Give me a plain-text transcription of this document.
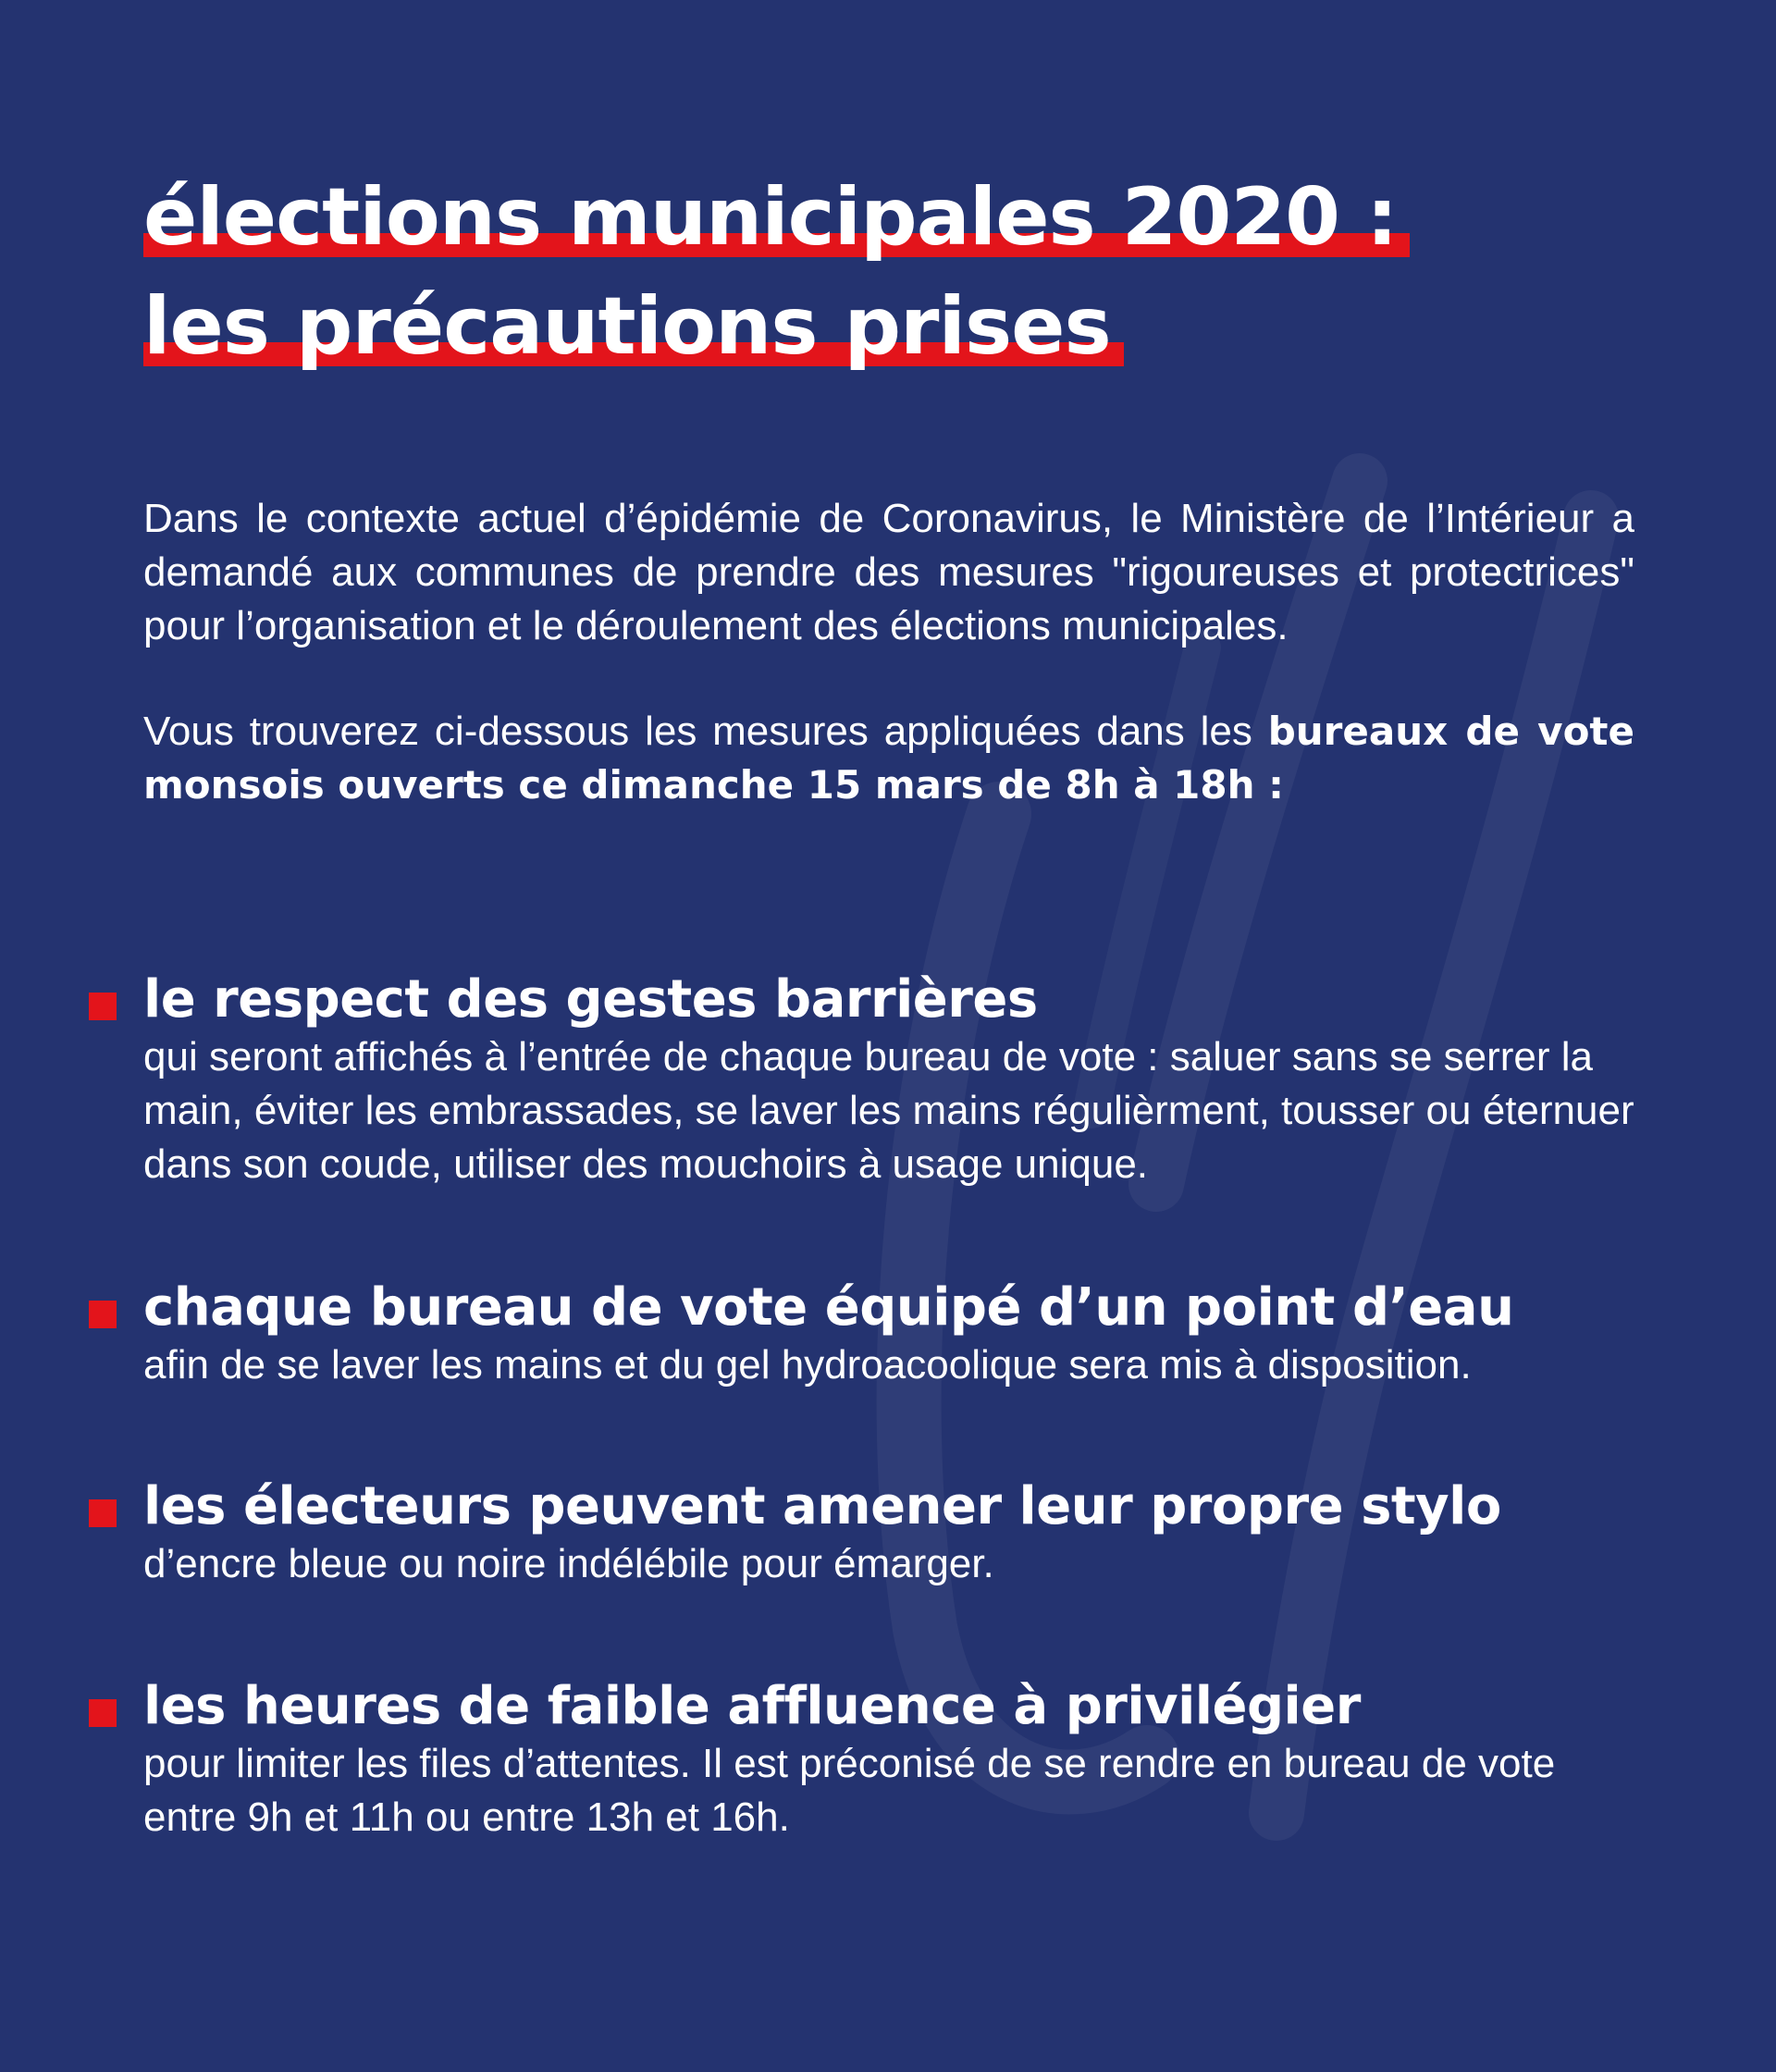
élections municipales 2020 :
les précautions prises

Dans le contexte actuel d’épidémie de Coronavirus, le Ministère de l’Intérieur a demandé aux communes de prendre des mesures "rigoureuses et protectrices" pour l’organisation et le déroulement des élections municipales.

Vous trouverez ci-dessous les mesures appliquées dans les bureaux de vote monsois ouverts ce dimanche 15 mars de 8h à 18h :

le respect des gestes barrières

qui seront affichés à l’entrée de chaque bureau de vote : saluer sans se serrer la main, éviter les embrassades, se laver les mains régulièrment, tousser ou éternuer dans son coude, utiliser des mouchoirs à usage unique.

chaque bureau de vote équipé d’un point d’eau

afin de se laver les mains et du gel hydroacoolique sera mis à disposition.

les électeurs peuvent amener leur propre stylo

d’encre bleue ou noire indélébile pour émarger.

les heures de faible affluence à privilégier

pour limiter les files d’attentes. Il est préconisé de se rendre en bureau de vote entre 9h et 11h ou entre 13h et 16h.
